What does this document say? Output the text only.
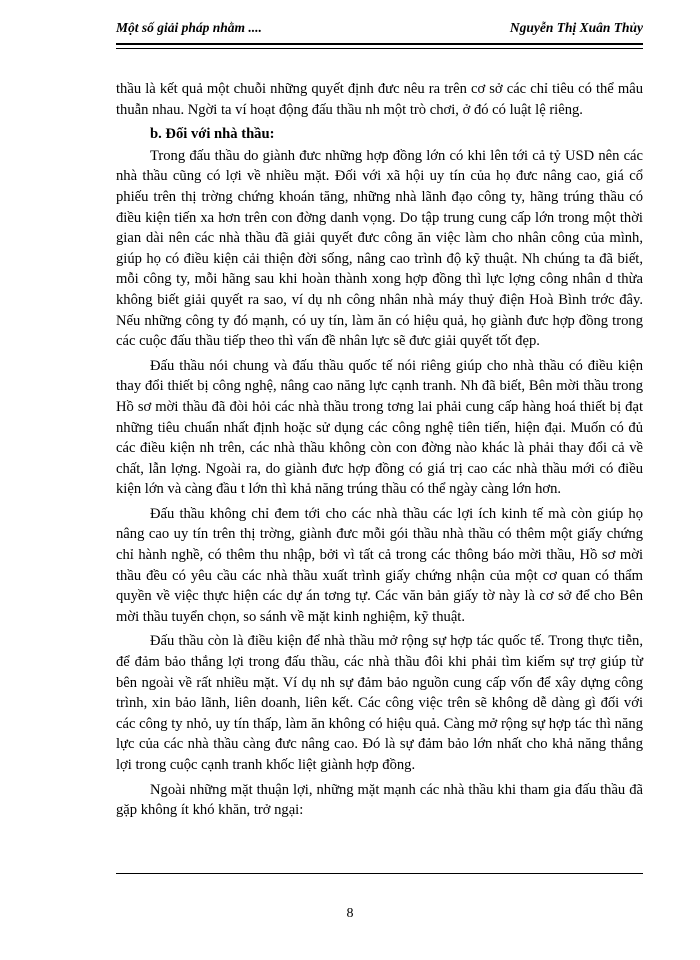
Một số giải pháp nhằm ....	Nguyễn Thị Xuân Thủy

thầu là kết quả một chuỗi những quyết định đưc nêu ra trên cơ sở các chỉ tiêu có thể mâu thuẫn nhau. Ngời ta ví hoạt động đấu thầu nh một trò chơi, ở đó có luật lệ riêng.

b. Đối với nhà thầu:

Trong đấu thầu do giành đưc những hợp đồng lớn có khi lên tới cả tỷ USD nên các nhà thầu cũng có lợi về nhiều mặt. Đối với xã hội uy tín của họ đưc nâng cao, giá cổ phiếu trên thị trờng chứng khoán tăng, những nhà lãnh đạo công ty, hãng trúng thầu có điều kiện tiến xa hơn trên con đờng danh vọng. Do tập trung cung cấp lớn trong một thời gian dài nên các nhà thầu đã giải quyết đưc công ăn việc làm cho nhân công của mình, giúp họ có điều kiện cải thiện đời sống, nâng cao trình độ kỹ thuật. Nh chúng ta đã biết, mỗi công ty, mỗi hãng sau khi hoàn thành xong hợp đồng thì lực lợng công nhân d thừa không biết giải quyết ra sao, ví dụ nh công nhân nhà máy thuỷ điện Hoà Bình trớc đây. Nếu những công ty đó mạnh, có uy tín, làm ăn có hiệu quả, họ giành đưc hợp đồng trong các cuộc đấu thầu tiếp theo thì vấn đề nhân lực sẽ đưc giải quyết tốt đẹp.

Đấu thầu nói chung và đấu thầu quốc tế nói riêng giúp cho nhà thầu có điều kiện thay đổi thiết bị công nghệ, nâng cao năng lực cạnh tranh. Nh đã biết, Bên mời thầu trong Hồ sơ mời thầu đã đòi hỏi các nhà thầu trong tơng lai phải cung cấp hàng hoá thiết bị đạt những tiêu chuẩn nhất định hoặc sử dụng các công nghệ tiên tiến, hiện đại. Muốn có đủ các điều kiện nh trên, các nhà thầu không còn con đờng nào khác là phải thay đổi cả về chất, lẫn lợng. Ngoài ra, do giành đưc hợp đồng có giá trị cao các nhà thầu mới có điều kiện lớn và càng đầu t lớn thì khả năng trúng thầu có thể ngày càng lớn hơn.

Đấu thầu không chỉ đem tới cho các nhà thầu các lợi ích kinh tế mà còn giúp họ nâng cao uy tín trên thị trờng, giành đưc mỗi gói thầu nhà thầu có thêm một giấy chứng chỉ hành nghề, có thêm thu nhập, bởi vì tất cả trong các thông báo mời thầu, Hồ sơ mời thầu đều có yêu cầu các nhà thầu xuất trình giấy chứng nhận của một cơ quan có thẩm quyền về việc thực hiện các dự án tơng tự. Các văn bản giấy tờ này là cơ sở để cho Bên mời thầu tuyển chọn, so sánh về mặt kinh nghiệm, kỹ thuật.

Đấu thầu còn là điều kiện để nhà thầu mở rộng sự hợp tác quốc tế. Trong thực tiễn, để đảm bảo thắng lợi trong đấu thầu, các nhà thầu đôi khi phải tìm kiếm sự trợ giúp từ bên ngoài về rất nhiều mặt. Ví dụ nh sự đảm bảo nguồn cung cấp vốn để xây dựng công trình, xin bảo lãnh, liên doanh, liên kết. Các công việc trên sẽ không dễ dàng gì đối với các công ty nhỏ, uy tín thấp, làm ăn không có hiệu quả. Càng mở rộng sự hợp tác thì năng lực của các nhà thầu càng đưc nâng cao. Đó là sự đảm bảo lớn nhất cho khả năng thắng lợi trong cuộc cạnh tranh khốc liệt giành hợp đồng.

Ngoài những mặt thuận lợi, những mặt mạnh các nhà thầu khi tham gia đấu thầu đã gặp không ít khó khăn, trở ngại:

8
